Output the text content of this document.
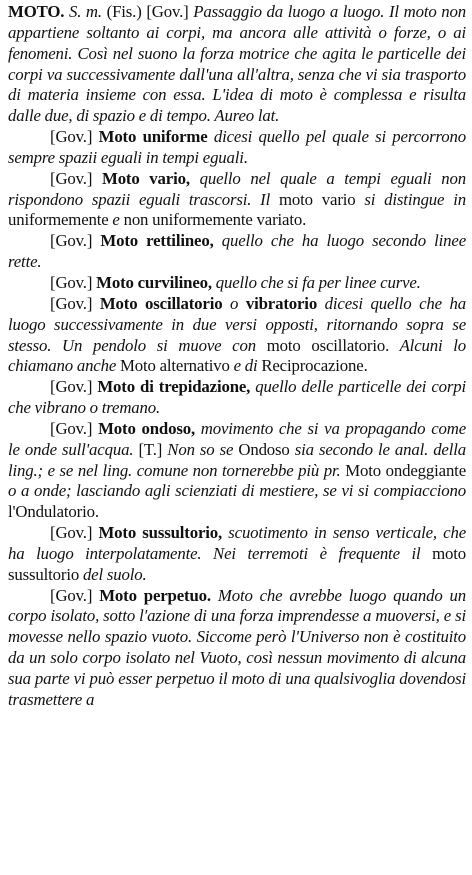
MOTO. S. m. (Fis.) [Gov.] Passaggio da luogo a luogo. Il moto non appartiene soltanto ai corpi, ma ancora alle attività o forze, o ai fenomeni. Così nel suono la forza motrice che agita le particelle dei corpi va successivamente dall'una all'altra, senza che vi sia trasporto di materia insieme con essa. L'idea di moto è complessa e risulta dalle due, di spazio e di tempo. Aureo lat.

[Gov.] Moto uniforme dicesi quello pel quale si percorrono sempre spazii eguali in tempi eguali.

[Gov.] Moto vario, quello nel quale a tempi eguali non rispondono spazii eguali trascorsi. Il moto vario si distingue in uniformemente e non uniformemente variato.

[Gov.] Moto rettilineo, quello che ha luogo secondo linee rette.

[Gov.] Moto curvilineo, quello che si fa per linee curve.

[Gov.] Moto oscillatorio o vibratorio dicesi quello che ha luogo successivamente in due versi opposti, ritornando sopra se stesso. Un pendolo si muove con moto oscillatorio. Alcuni lo chiamano anche Moto alternativo e di Reciprocazione.

[Gov.] Moto di trepidazione, quello delle particelle dei corpi che vibrano o tremano.

[Gov.] Moto ondoso, movimento che si va propagando come le onde sull'acqua. [T.] Non so se Ondoso sia secondo le anal. della ling.; e se nel ling. comune non tornerebbe più pr. Moto ondeggiante o a onde; lasciando agli scienziati di mestiere, se vi si compiacciono l'Ondulatorio.

[Gov.] Moto sussultorio, scuotimento in senso verticale, che ha luogo interpolatamente. Nei terremoti è frequente il moto sussultorio del suolo.

[Gov.] Moto perpetuo. Moto che avrebbe luogo quando un corpo isolato, sotto l'azione di una forza imprendesse a muoversi, e si movesse nello spazio vuoto. Siccome però l'Universo non è costituito da un solo corpo isolato nel Vuoto, così nessun movimento di alcuna sua parte vi può esser perpetuo il moto di una qualsivoglia dovendosi trasmettere a
